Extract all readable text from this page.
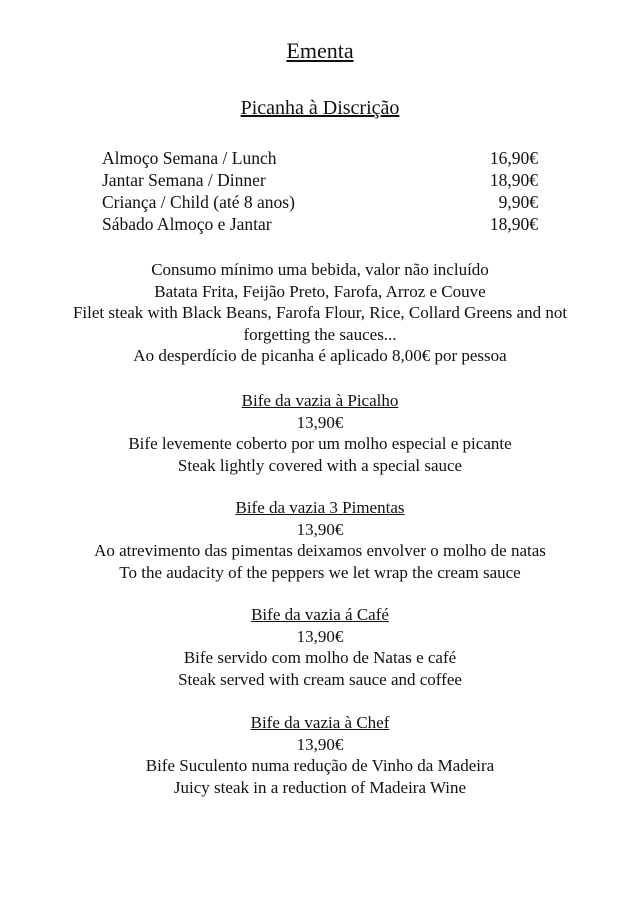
Ementa
Picanha à Discrição
Almoço Semana / Lunch	16,90€
Jantar Semana / Dinner	18,90€
Criança / Child (até 8 anos)	9,90€
Sábado Almoço e Jantar	18,90€
Consumo mínimo uma bebida, valor não incluído
Batata Frita, Feijão Preto, Farofa, Arroz e Couve
Filet steak with Black Beans, Farofa Flour, Rice, Collard Greens and not
forgetting the sauces...
Ao desperdício de picanha é aplicado 8,00€ por pessoa
Bife da vazia à Picalho
13,90€
Bife levemente coberto por um molho especial e picante
Steak lightly covered with a special sauce
Bife da vazia 3 Pimentas
13,90€
Ao atrevimento das pimentas deixamos envolver o molho de natas
To the audacity of the peppers we let wrap the cream sauce
Bife da vazia á Café
13,90€
Bife servido com molho de Natas e café
Steak served with cream sauce and coffee
Bife da vazia à Chef
13,90€
Bife Suculento numa redução de Vinho da Madeira
Juicy steak in a reduction of Madeira Wine
